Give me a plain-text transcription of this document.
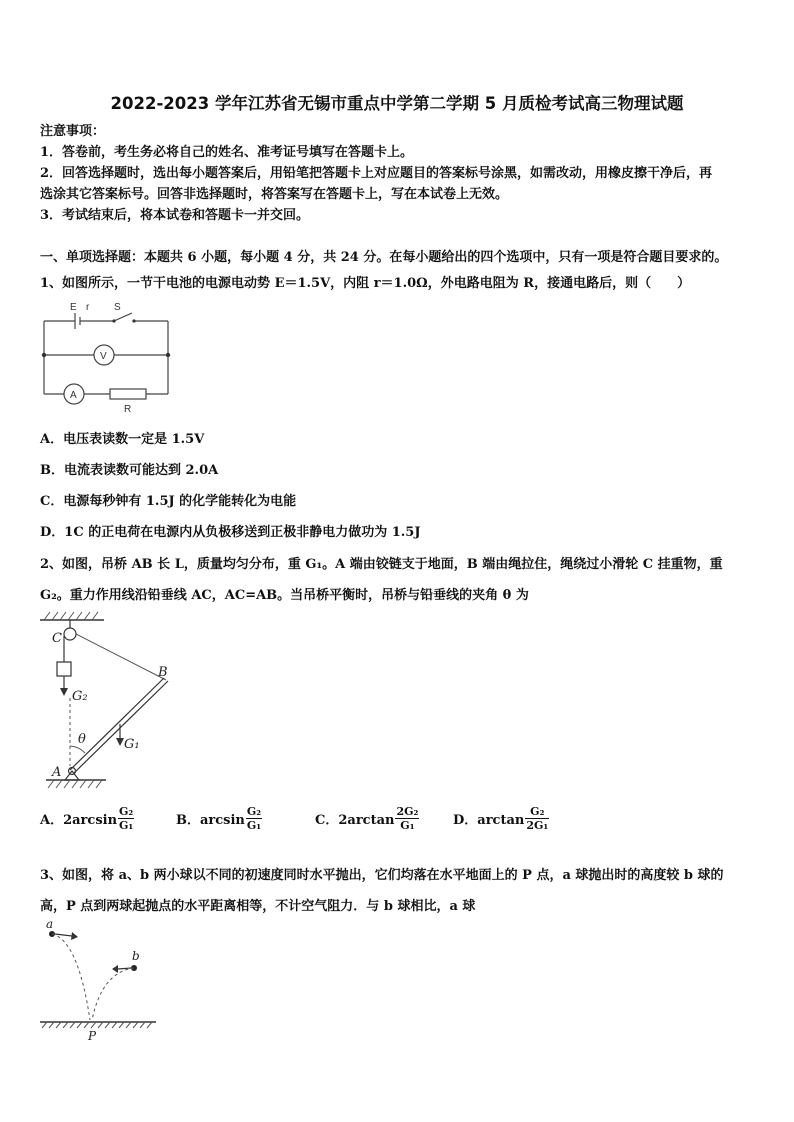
2022-2023 学年江苏省无锡市重点中学第二学期 5 月质检考试高三物理试题
注意事项：
1．答卷前，考生务必将自己的姓名、准考证号填写在答题卡上。
2．回答选择题时，选出每小题答案后，用铅笔把答题卡上对应题目的答案标号涂黑，如需改动，用橡皮擦干净后，再
选涂其它答案标号。回答非选择题时，将答案写在答题卡上，写在本试卷上无效。
3．考试结束后，将本试卷和答题卡一并交回。
一、单项选择题：本题共 6 小题，每小题 4 分，共 24 分。在每小题给出的四个选项中，只有一项是符合题目要求的。
1、如图所示，一节干电池的电源电动势 E＝1.5V，内阻 r＝1.0Ω，外电路电阻为 R，接通电路后，则（　　）
E r S
V
A
R
A．电压表读数一定是 1.5V
B．电流表读数可能达到 2.0A
C．电源每秒钟有 1.5J 的化学能转化为电能
D．1C 的正电荷在电源内从负极移送到正极非静电力做功为 1.5J
2、如图，吊桥 AB 长 L，质量均匀分布，重 G₁。A 端由铰链支于地面，B 端由绳拉住，绳绕过小滑轮 C 挂重物，重
G₂。重力作用线沿铅垂线 AC，AC=AB。当吊桥平衡时，吊桥与铅垂线的夹角 θ 为
C
B
A
G₂
G₁
θ
A．$2\arcsin \frac{\text{G₂}}{\text{G₁}}$	B．$\arcsin \frac{\text{G₂}}{\text{G₁}}$	C．$2\arctan \frac{\text{2G₂}}{\text{G₁}}$	D．$\arctan \frac{\text{G₂}}{\text{2G₁}}$
3、如图，将 a、b 两小球以不同的初速度同时水平抛出，它们均落在水平地面上的 P 点，a 球抛出时的高度较 b 球的
高，P 点到两球起抛点的水平距离相等，不计空气阻力．与 b 球相比，a 球
a
b
P
